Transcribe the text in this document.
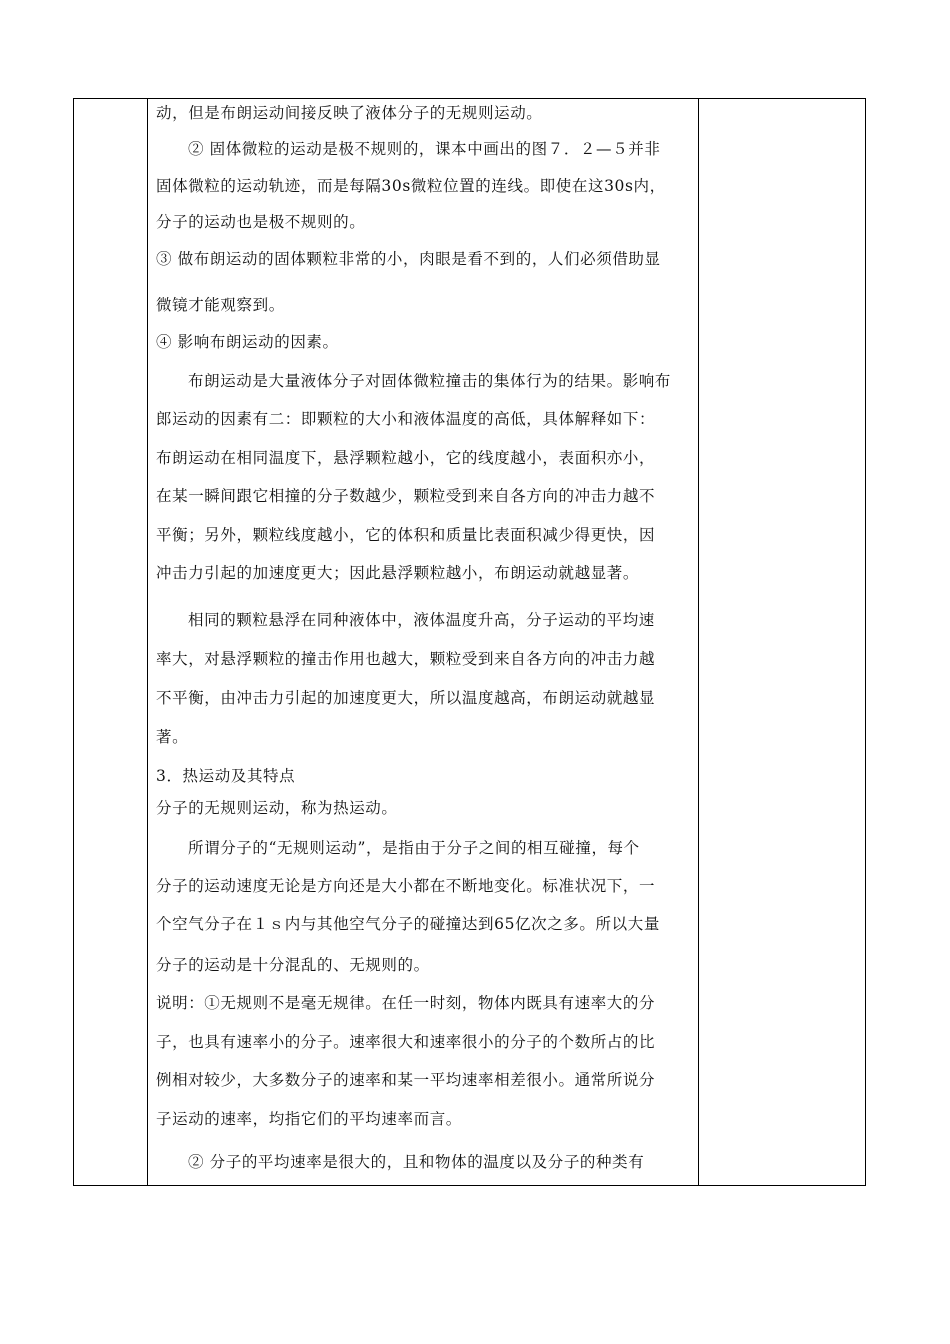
动，但是布朗运动间接反映了液体分子的无规则运动。
② 固体微粒的运动是极不规则的，课本中画出的图７．２—５并非
固体微粒的运动轨迹，而是每隔30s微粒位置的连线。即使在这30s内，
分子的运动也是极不规则的。
③ 做布朗运动的固体颗粒非常的小，肉眼是看不到的，人们必须借助显
微镜才能观察到。
④ 影响布朗运动的因素。
布朗运动是大量液体分子对固体微粒撞击的集体行为的结果。影响布
郎运动的因素有二：即颗粒的大小和液体温度的高低，具体解释如下：
布朗运动在相同温度下，悬浮颗粒越小，它的线度越小，表面积亦小，
在某一瞬间跟它相撞的分子数越少，颗粒受到来自各方向的冲击力越不
平衡；另外，颗粒线度越小，它的体积和质量比表面积减少得更快，因
冲击力引起的加速度更大；因此悬浮颗粒越小，布朗运动就越显著。
相同的颗粒悬浮在同种液体中，液体温度升高，分子运动的平均速
率大，对悬浮颗粒的撞击作用也越大，颗粒受到来自各方向的冲击力越
不平衡，由冲击力引起的加速度更大，所以温度越高，布朗运动就越显
著。
3．热运动及其特点
分子的无规则运动，称为热运动。
所谓分子的“无规则运动”，是指由于分子之间的相互碰撞，每个
分子的运动速度无论是方向还是大小都在不断地变化。标准状况下，一
个空气分子在１ｓ内与其他空气分子的碰撞达到65亿次之多。所以大量
分子的运动是十分混乱的、无规则的。
说明：①无规则不是毫无规律。在任一时刻，物体内既具有速率大的分
子，也具有速率小的分子。速率很大和速率很小的分子的个数所占的比
例相对较少，大多数分子的速率和某一平均速率相差很小。通常所说分
子运动的速率，均指它们的平均速率而言。
② 分子的平均速率是很大的，且和物体的温度以及分子的种类有
